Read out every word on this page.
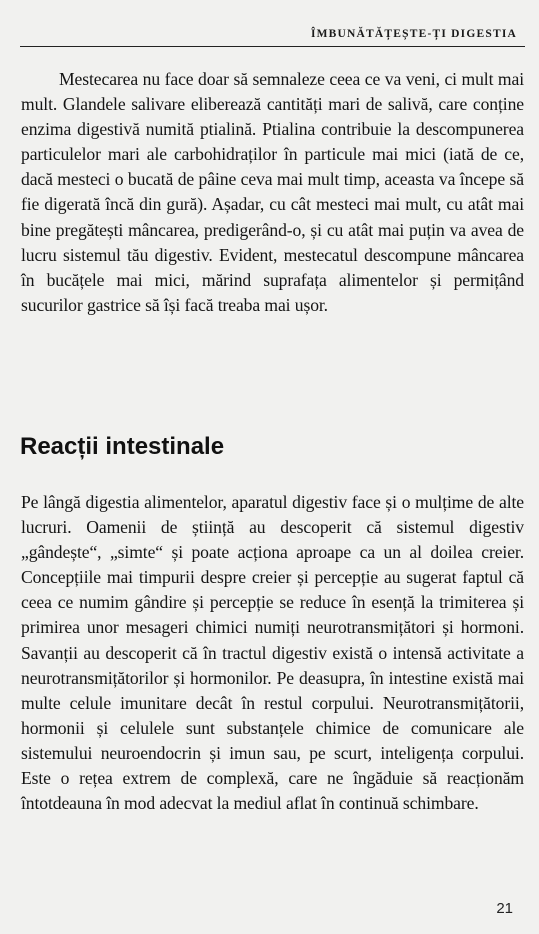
ÎMBUNĂTĂȚEȘTE-ȚI DIGESTIA

Mestecarea nu face doar să semnaleze ceea ce va veni, ci mult mai mult. Glandele salivare eliberează cantități mari de salivă, care conține enzima digestivă numită ptialină. Ptialina contribuie la descompunerea particulelor mari ale carbohidraților în particule mai mici (iată de ce, dacă mesteci o bucată de pâine ceva mai mult timp, aceasta va începe să fie digerată încă din gură). Așadar, cu cât mesteci mai mult, cu atât mai bine pregătești mâncarea, predigerând-o, și cu atât mai puțin va avea de lucru sistemul tău digestiv. Evident, mestecatul descompune mâncarea în bucățele mai mici, mărind suprafața alimentelor și permițând sucurilor gastrice să își facă treaba mai ușor.

Reacții intestinale

Pe lângă digestia alimentelor, aparatul digestiv face și o mulțime de alte lucruri. Oamenii de știință au descoperit că sistemul digestiv „gândește“, „simte“ și poate acționa aproape ca un al doilea creier. Concepțiile mai timpurii despre creier și percepție au sugerat faptul că ceea ce numim gândire și percepție se reduce în esență la trimiterea și primirea unor mesageri chimici numiți neurotransmițători și hormoni. Savanții au descoperit că în tractul digestiv există o intensă activitate a neurotransmițătorilor și hormonilor. Pe deasupra, în intestine există mai multe celule imunitare decât în restul corpului. Neurotransmițătorii, hormonii și celulele sunt substanțele chimice de comunicare ale sistemului neuroendocrin și imun sau, pe scurt, inteligența corpului. Este o rețea extrem de complexă, care ne îngăduie să reacționăm întotdeauna în mod adecvat la mediul aflat în continuă schimbare.

21
